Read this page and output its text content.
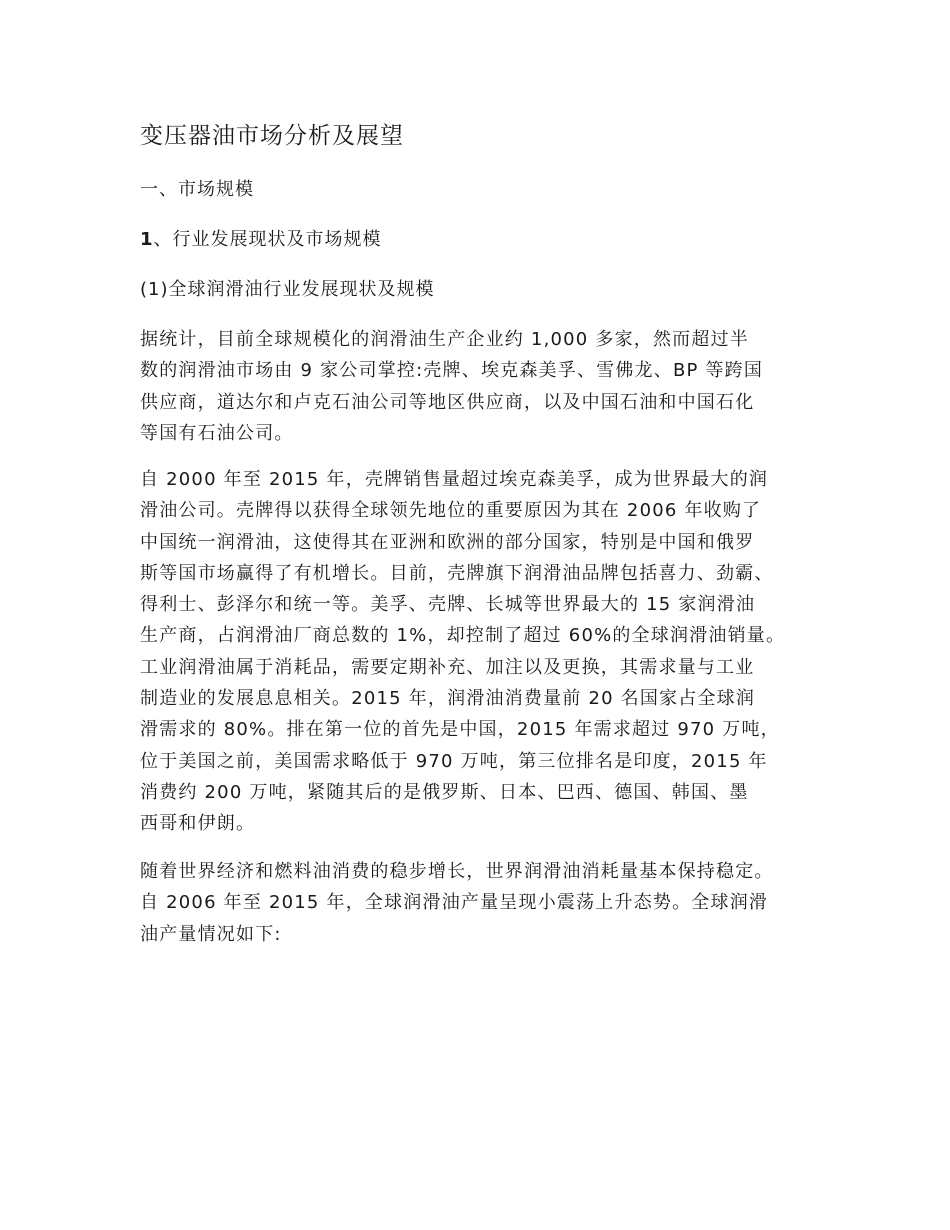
变压器油市场分析及展望
一、市场规模
1、行业发展现状及市场规模
(1)全球润滑油行业发展现状及规模
据统计，目前全球规模化的润滑油生产企业约 1,000 多家，然而超过半
数的润滑油市场由 9 家公司掌控:壳牌、埃克森美孚、雪佛龙、BP 等跨国
供应商，道达尔和卢克石油公司等地区供应商，以及中国石油和中国石化
等国有石油公司。
自 2000 年至 2015 年，壳牌销售量超过埃克森美孚，成为世界最大的润
滑油公司。壳牌得以获得全球领先地位的重要原因为其在 2006 年收购了
中国统一润滑油，这使得其在亚洲和欧洲的部分国家，特别是中国和俄罗
斯等国市场赢得了有机增长。目前，壳牌旗下润滑油品牌包括喜力、劲霸、
得利士、彭泽尔和统一等。美孚、壳牌、长城等世界最大的 15 家润滑油
生产商，占润滑油厂商总数的 1%，却控制了超过 60%的全球润滑油销量。
工业润滑油属于消耗品，需要定期补充、加注以及更换，其需求量与工业
制造业的发展息息相关。2015 年，润滑油消费量前 20 名国家占全球润
滑需求的 80%。排在第一位的首先是中国，2015 年需求超过 970 万吨，
位于美国之前，美国需求略低于 970 万吨，第三位排名是印度，2015 年
消费约 200 万吨，紧随其后的是俄罗斯、日本、巴西、德国、韩国、墨
西哥和伊朗。
随着世界经济和燃料油消费的稳步增长，世界润滑油消耗量基本保持稳定。
自 2006 年至 2015 年，全球润滑油产量呈现小震荡上升态势。全球润滑
油产量情况如下:
